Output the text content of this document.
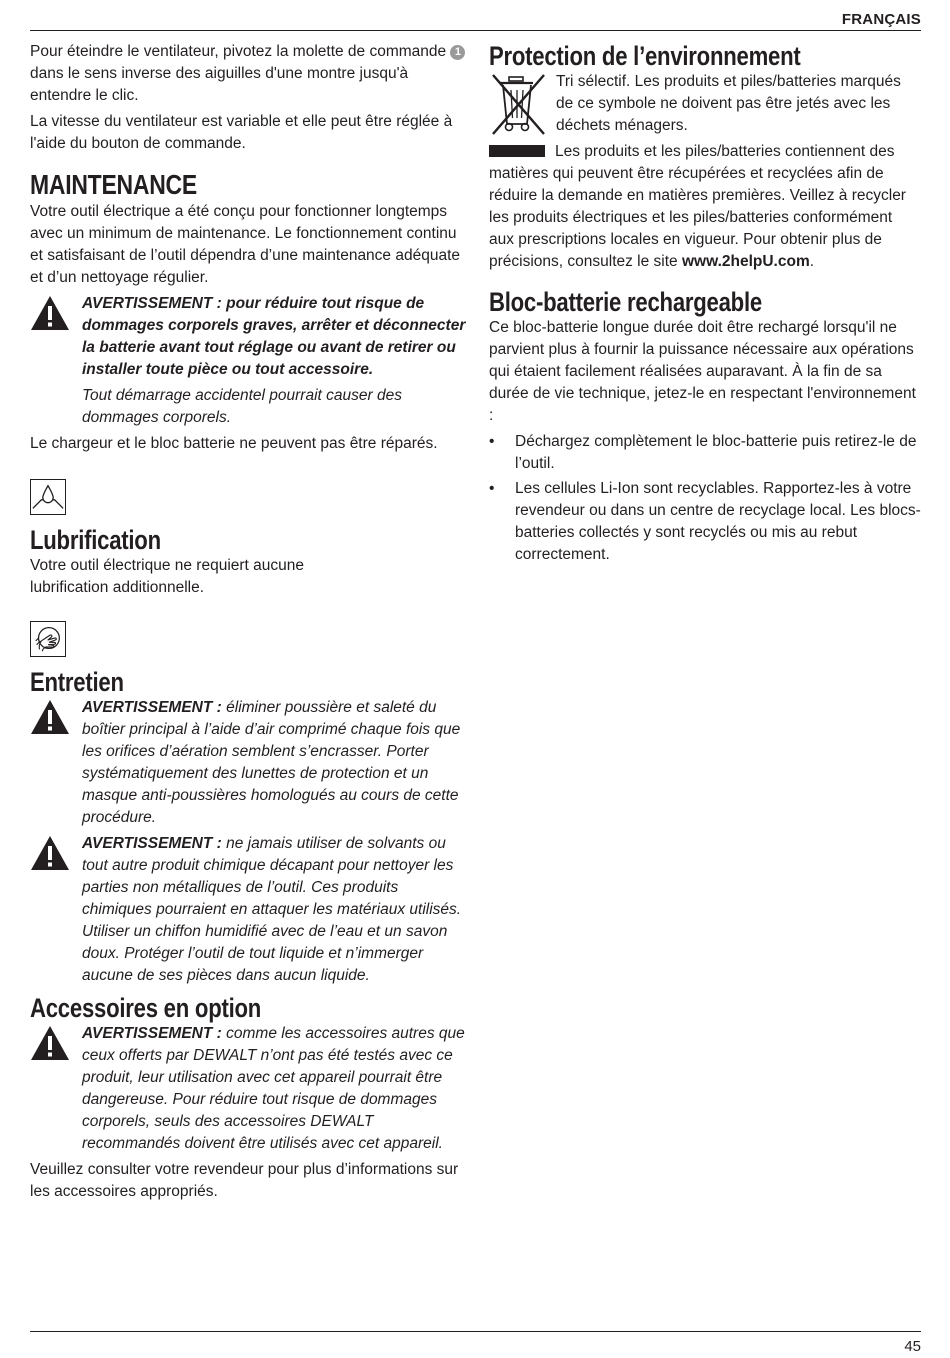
FRANÇAIS

Pour éteindre le ventilateur, pivotez la molette de commande 1 dans le sens inverse des aiguilles d'une montre jusqu'à entendre le clic.

La vitesse du ventilateur est variable et elle peut être réglée à l'aide du bouton de commande.

MAINTENANCE

Votre outil électrique a été conçu pour fonctionner longtemps avec un minimum de maintenance. Le fonctionnement continu et satisfaisant de l’outil dépendra d’une maintenance adéquate et d’un nettoyage régulier.

AVERTISSEMENT : pour réduire tout risque de dommages corporels graves, arrêter et déconnecter la batterie avant tout réglage ou avant de retirer ou installer toute pièce ou tout accessoire.

Tout démarrage accidentel pourrait causer des dommages corporels.

Le chargeur et le bloc batterie ne peuvent pas être réparés.

Lubrification

Votre outil électrique ne requiert aucune lubrification additionnelle.

Entretien

AVERTISSEMENT : éliminer poussière et saleté du boîtier principal à l’aide d’air comprimé chaque fois que les orifices d’aération semblent s’encrasser. Porter systématiquement des lunettes de protection et un masque anti-poussières homologués au cours de cette procédure.

AVERTISSEMENT : ne jamais utiliser de solvants ou tout autre produit chimique décapant pour nettoyer les parties non métalliques de l’outil. Ces produits chimiques pourraient en attaquer les matériaux utilisés. Utiliser un chiffon humidifié avec de l’eau et un savon doux. Protéger l’outil de tout liquide et n’immerger aucune de ses pièces dans aucun liquide.

Accessoires en option

AVERTISSEMENT : comme les accessoires autres que ceux offerts par DEWALT n’ont pas été testés avec ce produit, leur utilisation avec cet appareil pourrait être dangereuse. Pour réduire tout risque de dommages corporels, seuls des accessoires DEWALT recommandés doivent être utilisés avec cet appareil.

Veuillez consulter votre revendeur pour plus d’informations sur les accessoires appropriés.

Protection de l’environnement

Tri sélectif. Les produits et piles/batteries marqués de ce symbole ne doivent pas être jetés avec les déchets ménagers.

Les produits et les piles/batteries contiennent des matières qui peuvent être récupérées et recyclées afin de réduire la demande en matières premières. Veillez à recycler les produits électriques et les piles/batteries conformément aux prescriptions locales en vigueur. Pour obtenir plus de précisions, consultez le site www.2helpU.com.

Bloc-batterie rechargeable

Ce bloc-batterie longue durée doit être rechargé lorsqu'il ne parvient plus à fournir la puissance nécessaire aux opérations qui étaient facilement réalisées auparavant. À la fin de sa durée de vie technique, jetez-le en respectant l'environnement :

• Déchargez complètement le bloc-batterie puis retirez-le de l’outil.
• Les cellules Li-Ion sont recyclables. Rapportez-les à votre revendeur ou dans un centre de recyclage local. Les blocs-batteries collectés y sont recyclés ou mis au rebut correctement.
45
